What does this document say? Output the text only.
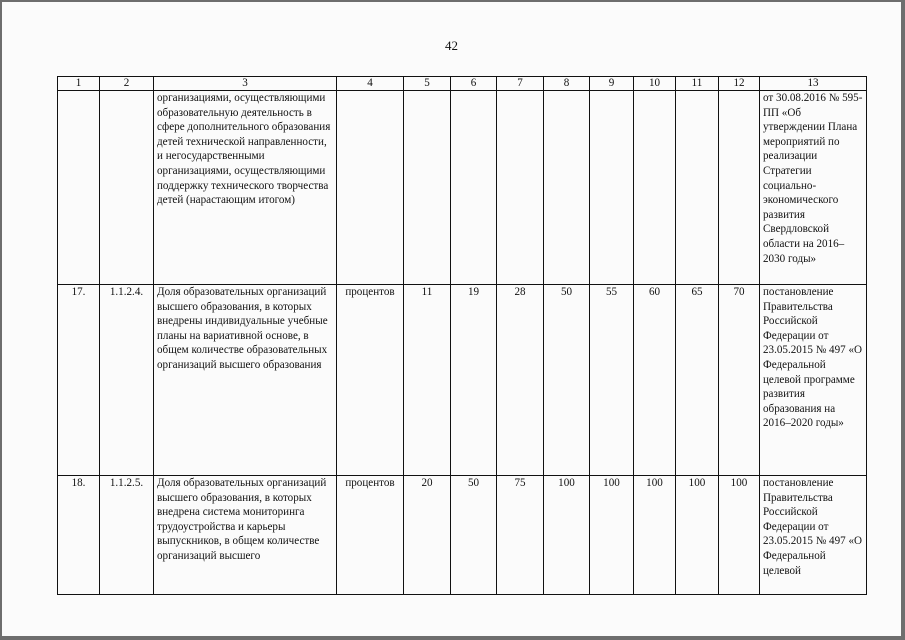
42
1	2	3	4	5	6	7	8	9	10	11	12	13
		организациями, осуществляющими образовательную деятельность в сфере дополнительного образования детей технической направленности, и негосударственными организациями, осуществляющими поддержку технического творчества детей (нарастающим итогом)										от 30.08.2016 № 595-ПП «Об утверждении Плана мероприятий по реализации Стратегии социально-экономического развития Свердловской области на 2016–2030 годы»
17.	1.1.2.4.	Доля образовательных организаций высшего образования, в которых внедрены индивидуальные учебные планы на вариативной основе, в общем количестве образовательных организаций высшего образования	процентов	11	19	28	50	55	60	65	70	постановление Правительства Российской Федерации от 23.05.2015 № 497 «О Федеральной целевой программе развития образования на 2016–2020 годы»
18.	1.1.2.5.	Доля образовательных организаций высшего образования, в которых внедрена система мониторинга трудоустройства и карьеры выпускников, в общем количестве организаций высшего	процентов	20	50	75	100	100	100	100	100	постановление Правительства Российской Федерации от 23.05.2015 № 497 «О Федеральной целевой
